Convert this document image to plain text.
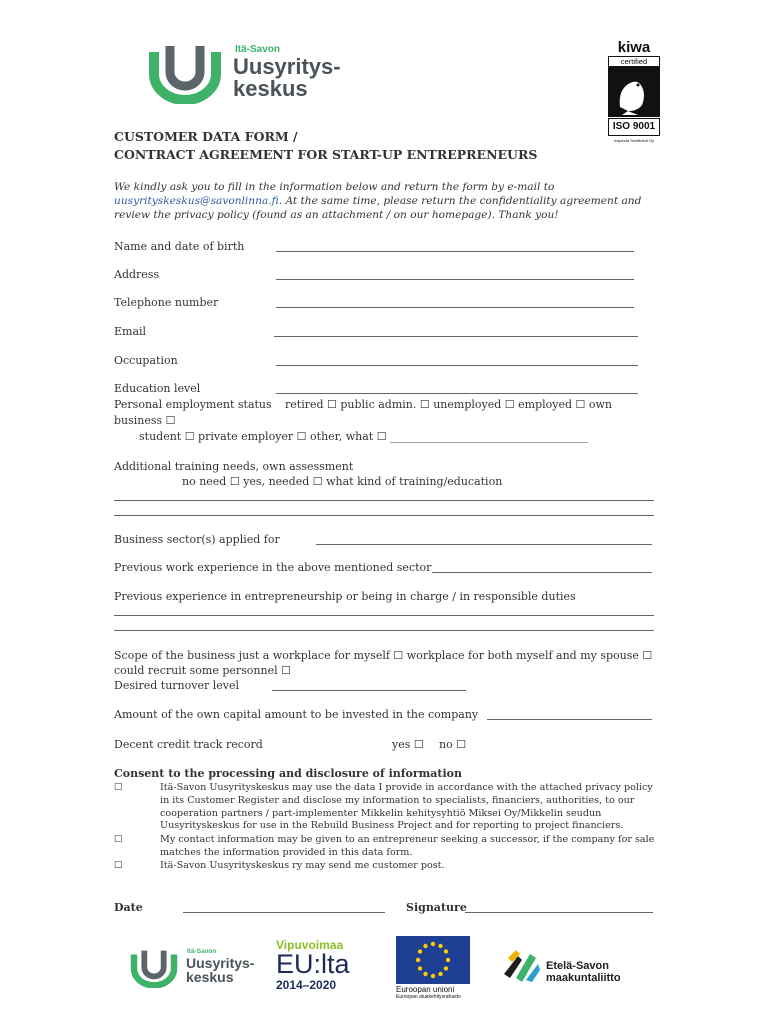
Itä-Savon
Uusyritys-
keskus
kiwa
certified
ISO 9001
Inspecta Sertifiointi Oy
CUSTOMER DATA FORM /
CONTRACT AGREEMENT FOR START-UP ENTREPRENEURS
We kindly ask you to fill in the information below and return the form by e-mail to
uusyrityskeskus@savonlinna.fi. At the same time, please return the confidentiality agreement and
review the privacy policy (found as an attachment / on our homepage). Thank you!
Name and date of birth
Address
Telephone number
Email
Occupation
Education level
Personal employment status retired ☐ public admin. ☐ unemployed ☐ employed ☐ own
business ☐
student ☐ private employer ☐ other, what ☐ ____________________________________
Additional training needs, own assessment
no need ☐ yes, needed ☐ what kind of training/education
Business sector(s) applied for
Previous work experience in the above mentioned sector
Previous experience in entrepreneurship or being in charge / in responsible duties
Scope of the business just a workplace for myself ☐ workplace for both myself and my spouse ☐
could recruit some personnel ☐
Desired turnover level
Amount of the own capital amount to be invested in the company
Decent credit track record	yes ☐ no ☐
Consent to the processing and disclosure of information
☐	Itä-Savon Uusyrityskeskus may use the data I provide in accordance with the attached privacy policy in its Customer Register and disclose my information to specialists, financiers, authorities, to our cooperation partners / part-implementer Mikkelin kehitysyhtiö Miksei Oy/Mikkelin seudun Uusyrityskeskus for use in the Rebuild Business Project and for reporting to project financiers.
☐	My contact information may be given to an entrepreneur seeking a successor, if the company for sale matches the information provided in this data form.
☐	Itä-Savon Uusyrityskeskus ry may send me customer post.
Date	Signature
Itä-Savon
Uusyritys-
keskus
Vipuvoimaa
EU:lta
2014–2020	Euroopan unioni
Euroopan aluekehitysrahasto
Etelä-Savon
maakuntaliitto
